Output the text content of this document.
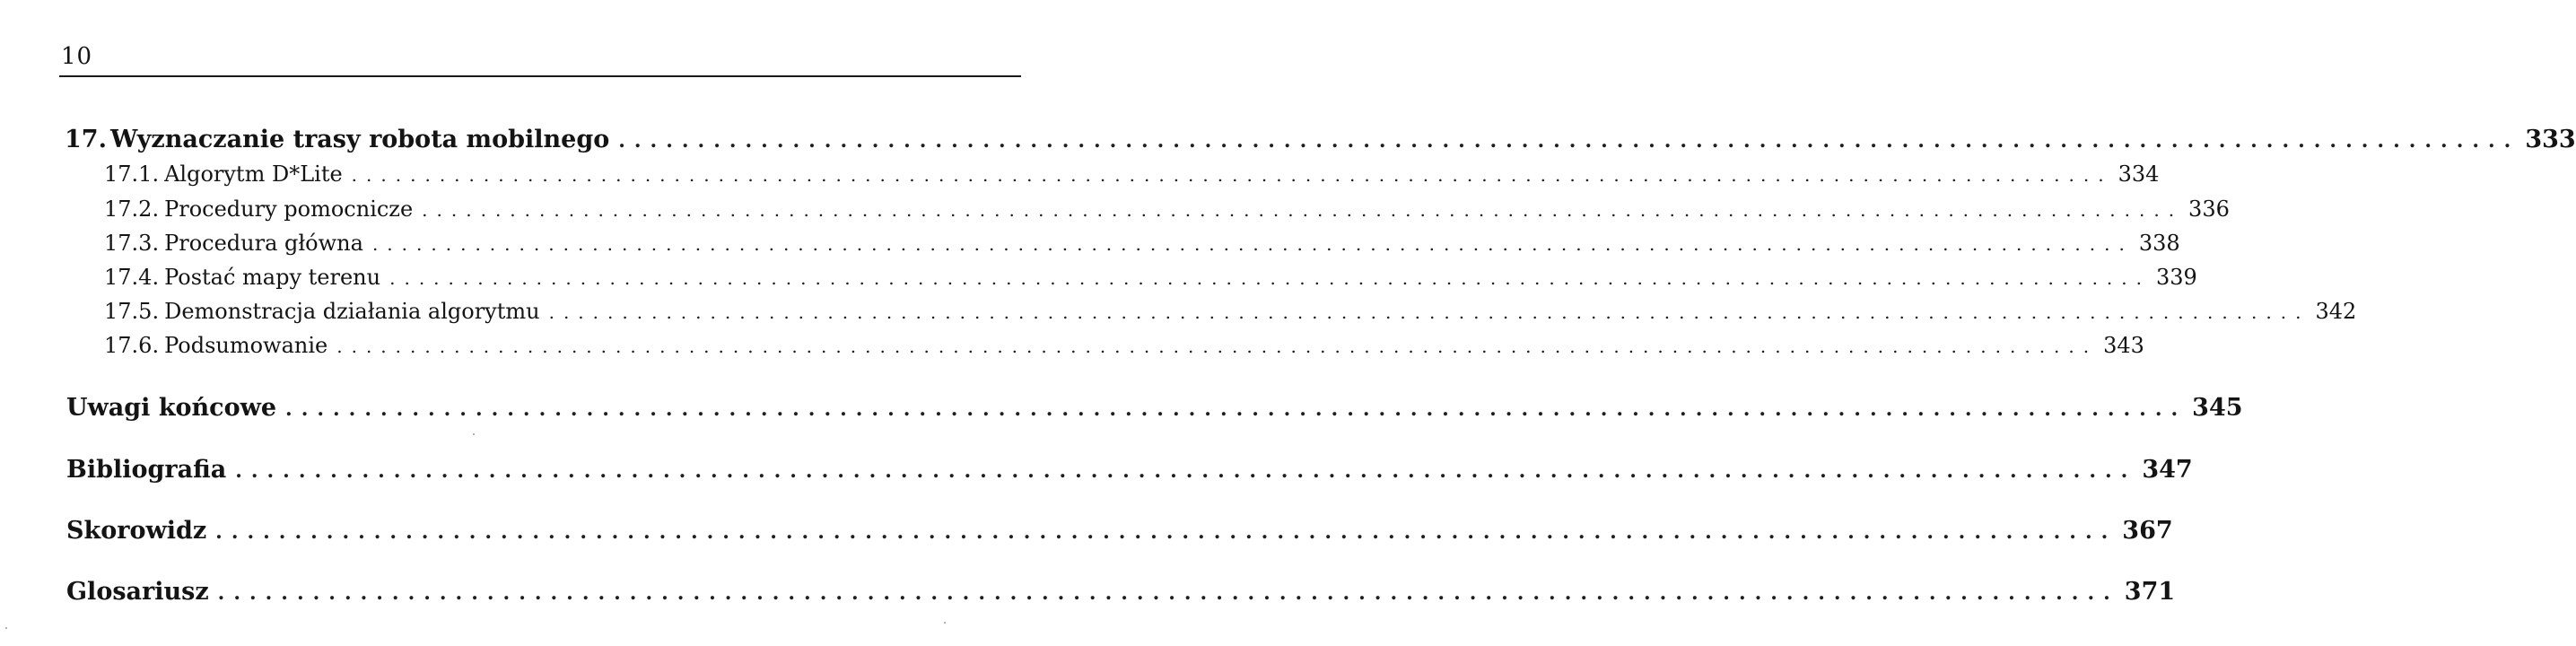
10
17. Wyznaczanie trasy robota mobilnego ........................................................................................................................ 333
17.1. Algorytm D*Lite ........................................................................................................................ 334
17.2. Procedury pomocnicze ........................................................................................................................ 336
17.3. Procedura główna ........................................................................................................................ 338
17.4. Postać mapy terenu ........................................................................................................................ 339
17.5. Demonstracja działania algorytmu ........................................................................................................................ 342
17.6. Podsumowanie ........................................................................................................................ 343
Uwagi końcowe ........................................................................................................................ 345
Bibliografia ........................................................................................................................ 347
Skorowidz ........................................................................................................................ 367
Glosariusz ........................................................................................................................ 371
